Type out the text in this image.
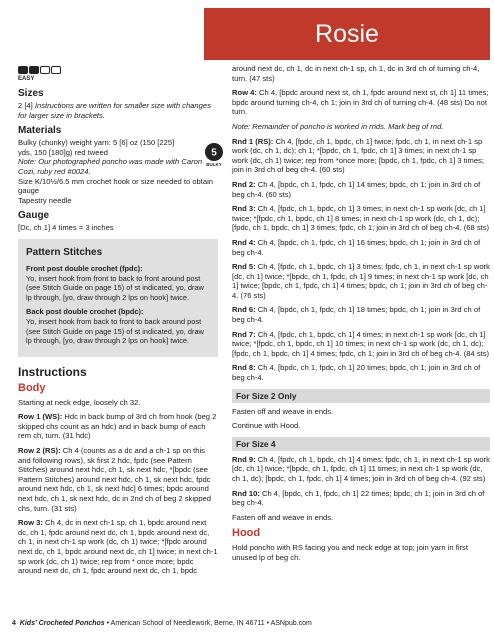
Rosie
EASY
Sizes

2 [4] Instructions are written for smaller size with changes for larger size in brackets.

Materials

Bulky (chunky) weight yarn: 5 [6] oz (150 [225] yds, 150 [180]g) red tweed

Note: Our photographed poncho was made with Caron Cozi, ruby red #0024.

Size K/10½/6.5 mm crochet hook or size needed to obtain gauge

Tapestry needle

Gauge

[Dc, ch 1] 4 times = 3 inches

Pattern Stitches

Front post double crochet (fpdc):
Yo, insert hook from front to back to front around post (see Stitch Guide on page 15) of st indicated, yo, draw lp through, [yo, draw through 2 lps on hook] twice.

Back post double crochet (bpdc):
Yo, insert hook from back to front to back around post (see Stitch Guide on page 15) of st indicated, yo, draw lp through, [yo, draw through 2 lps on hook] twice.

Instructions
Body

Starting at neck edge, loosely ch 32.

Row 1 (WS): Hdc in back bump of 3rd ch from hook (beg 2 skipped chs count as an hdc) and in back bump of each rem ch, turn. (31 hdc)

Row 2 (RS): Ch 4 (counts as a dc and a ch-1 sp on this and following rows), sk first 2 hdc, fpdc (see Pattern Stitches) around next hdc, ch 1, sk next hdc, *[bpdc (see Pattern Stitches) around next hdc, ch 1, sk next hdc, fpdc around next hdc, ch 1, sk next hdc] 6 times; bpdc around next hdc, ch 1, sk next hdc, dc in 2nd ch of beg 2 skipped chs, turn. (31 sts)

Row 3: Ch 4, dc in next ch-1 sp, ch 1, bpdc around next dc, ch 1, fpdc around next dc, ch 1, bpdc around next dc, ch 1, in next ch-1 sp work (dc, ch 1) twice; *[fpdc around next dc, ch 1, bpdc around next dc, ch 1] twice; in next ch-1 sp work (dc, ch 1) twice; rep from * once more; bpdc around next dc, ch 1, fpdc around next dc, ch 1, bpdc

5
BULKY

around next dc, ch 1, dc in next ch-1 sp, ch 1, dc in 3rd ch of turning ch-4, turn. (47 sts)

Row 4: Ch 4, [bpdc around next st, ch 1, fpdc around next st, ch 1] 11 times; bpdc around turning ch-4, ch 1; join in 3rd ch of turning ch-4. (48 sts) Do not turn.

Note: Remainder of poncho is worked in rnds. Mark beg of rnd.

Rnd 1 (RS): Ch 4, [fpdc, ch 1, bpdc, ch 1] twice; fpdc, ch 1, in next ch-1 sp work (dc, ch 1, dc); ch 1; *[bpdc, ch 1, fpdc, ch 1] 3 times; in next ch-1 sp work (dc, ch 1) twice; rep from *once more; [bpdc, ch 1, fpdc, ch 1] 3 times; join in 3rd ch of beg ch-4. (60 sts)

Rnd 2: Ch 4, [bpdc, ch 1, fpdc, ch 1] 14 times; bpdc, ch 1; join in 3rd ch of beg ch-4. (60 sts)

Rnd 3: Ch 4, [fpdc, ch 1, bpdc, ch 1] 3 times; in next ch-1 sp work [dc, ch 1] twice; *[fpdc, ch 1, bpdc, ch 1] 8 times; in next ch-1 sp work (dc, ch 1, dc); [fpdc, ch 1, bpdc, ch 1] 3 times; fpdc, ch 1; join in 3rd ch of beg ch-4. (68 sts)

Rnd 4: Ch 4, [bpdc, ch 1, fpdc, ch 1] 16 times; bpdc, ch 1; join in 3rd ch of beg ch-4.

Rnd 5: Ch 4, [fpdc, ch 1, bpdc, ch 1] 3 times; fpdc, ch 1, in next ch-1 sp work [dc, ch 1] twice; *[bpdc, ch 1, fpdc, ch 1] 9 times; in next ch-1 sp work [dc, ch 1] twice; [bpdc, ch 1, fpdc, ch 1] 4 times; bpdc, ch 1; join in 3rd ch of beg ch-4. (76 sts)

Rnd 6: Ch 4, [bpdc, ch 1, fpdc, ch 1] 18 times; bpdc, ch 1; join in 3rd ch of beg ch-4.

Rnd 7: Ch 4, [fpdc, ch 1, bpdc, ch 1] 4 times; in next ch-1 sp work [dc, ch 1] twice; *[fpdc, ch 1, bpdc, ch 1] 10 times; in next ch-1 sp work (dc, ch 1, dc); [fpdc, ch 1, bpdc, ch 1] 4 times; fpdc, ch 1; join in 3rd ch of beg ch-4. (84 sts)

Rnd 8: Ch 4, [bpdc, ch 1, fpdc, ch 1] 20 times; bpdc, ch 1; join in 3rd ch of beg ch-4.

For Size 2 Only

Fasten off and weave in ends.

Continue with Hood.

For Size 4

Rnd 9: Ch 4, [fpdc, ch 1, bpdc, ch 1] 4 times; fpdc, ch 1, in next ch-1 sp work [dc, ch 1] twice; *[bpdc, ch 1, fpdc, ch 1] 11 times; in next ch-1 sp work (dc, ch 1, dc); [bpdc, ch 1, fpdc, ch 1] 4 times; join in 3rd ch of beg ch-4. (92 sts)

Rnd 10: Ch 4, [bpdc, ch 1, fpdc, ch 1] 22 times; bpdc, ch 1; join in 3rd ch of beg ch-4.

Fasten off and weave in ends.

Hood

Hold poncho with RS facing you and neck edge at top; join yarn in first unused lp of beg ch.

4 Kids' Crocheted Ponchos • American School of Needlework, Berne, IN 46711 • ASNpub.com
